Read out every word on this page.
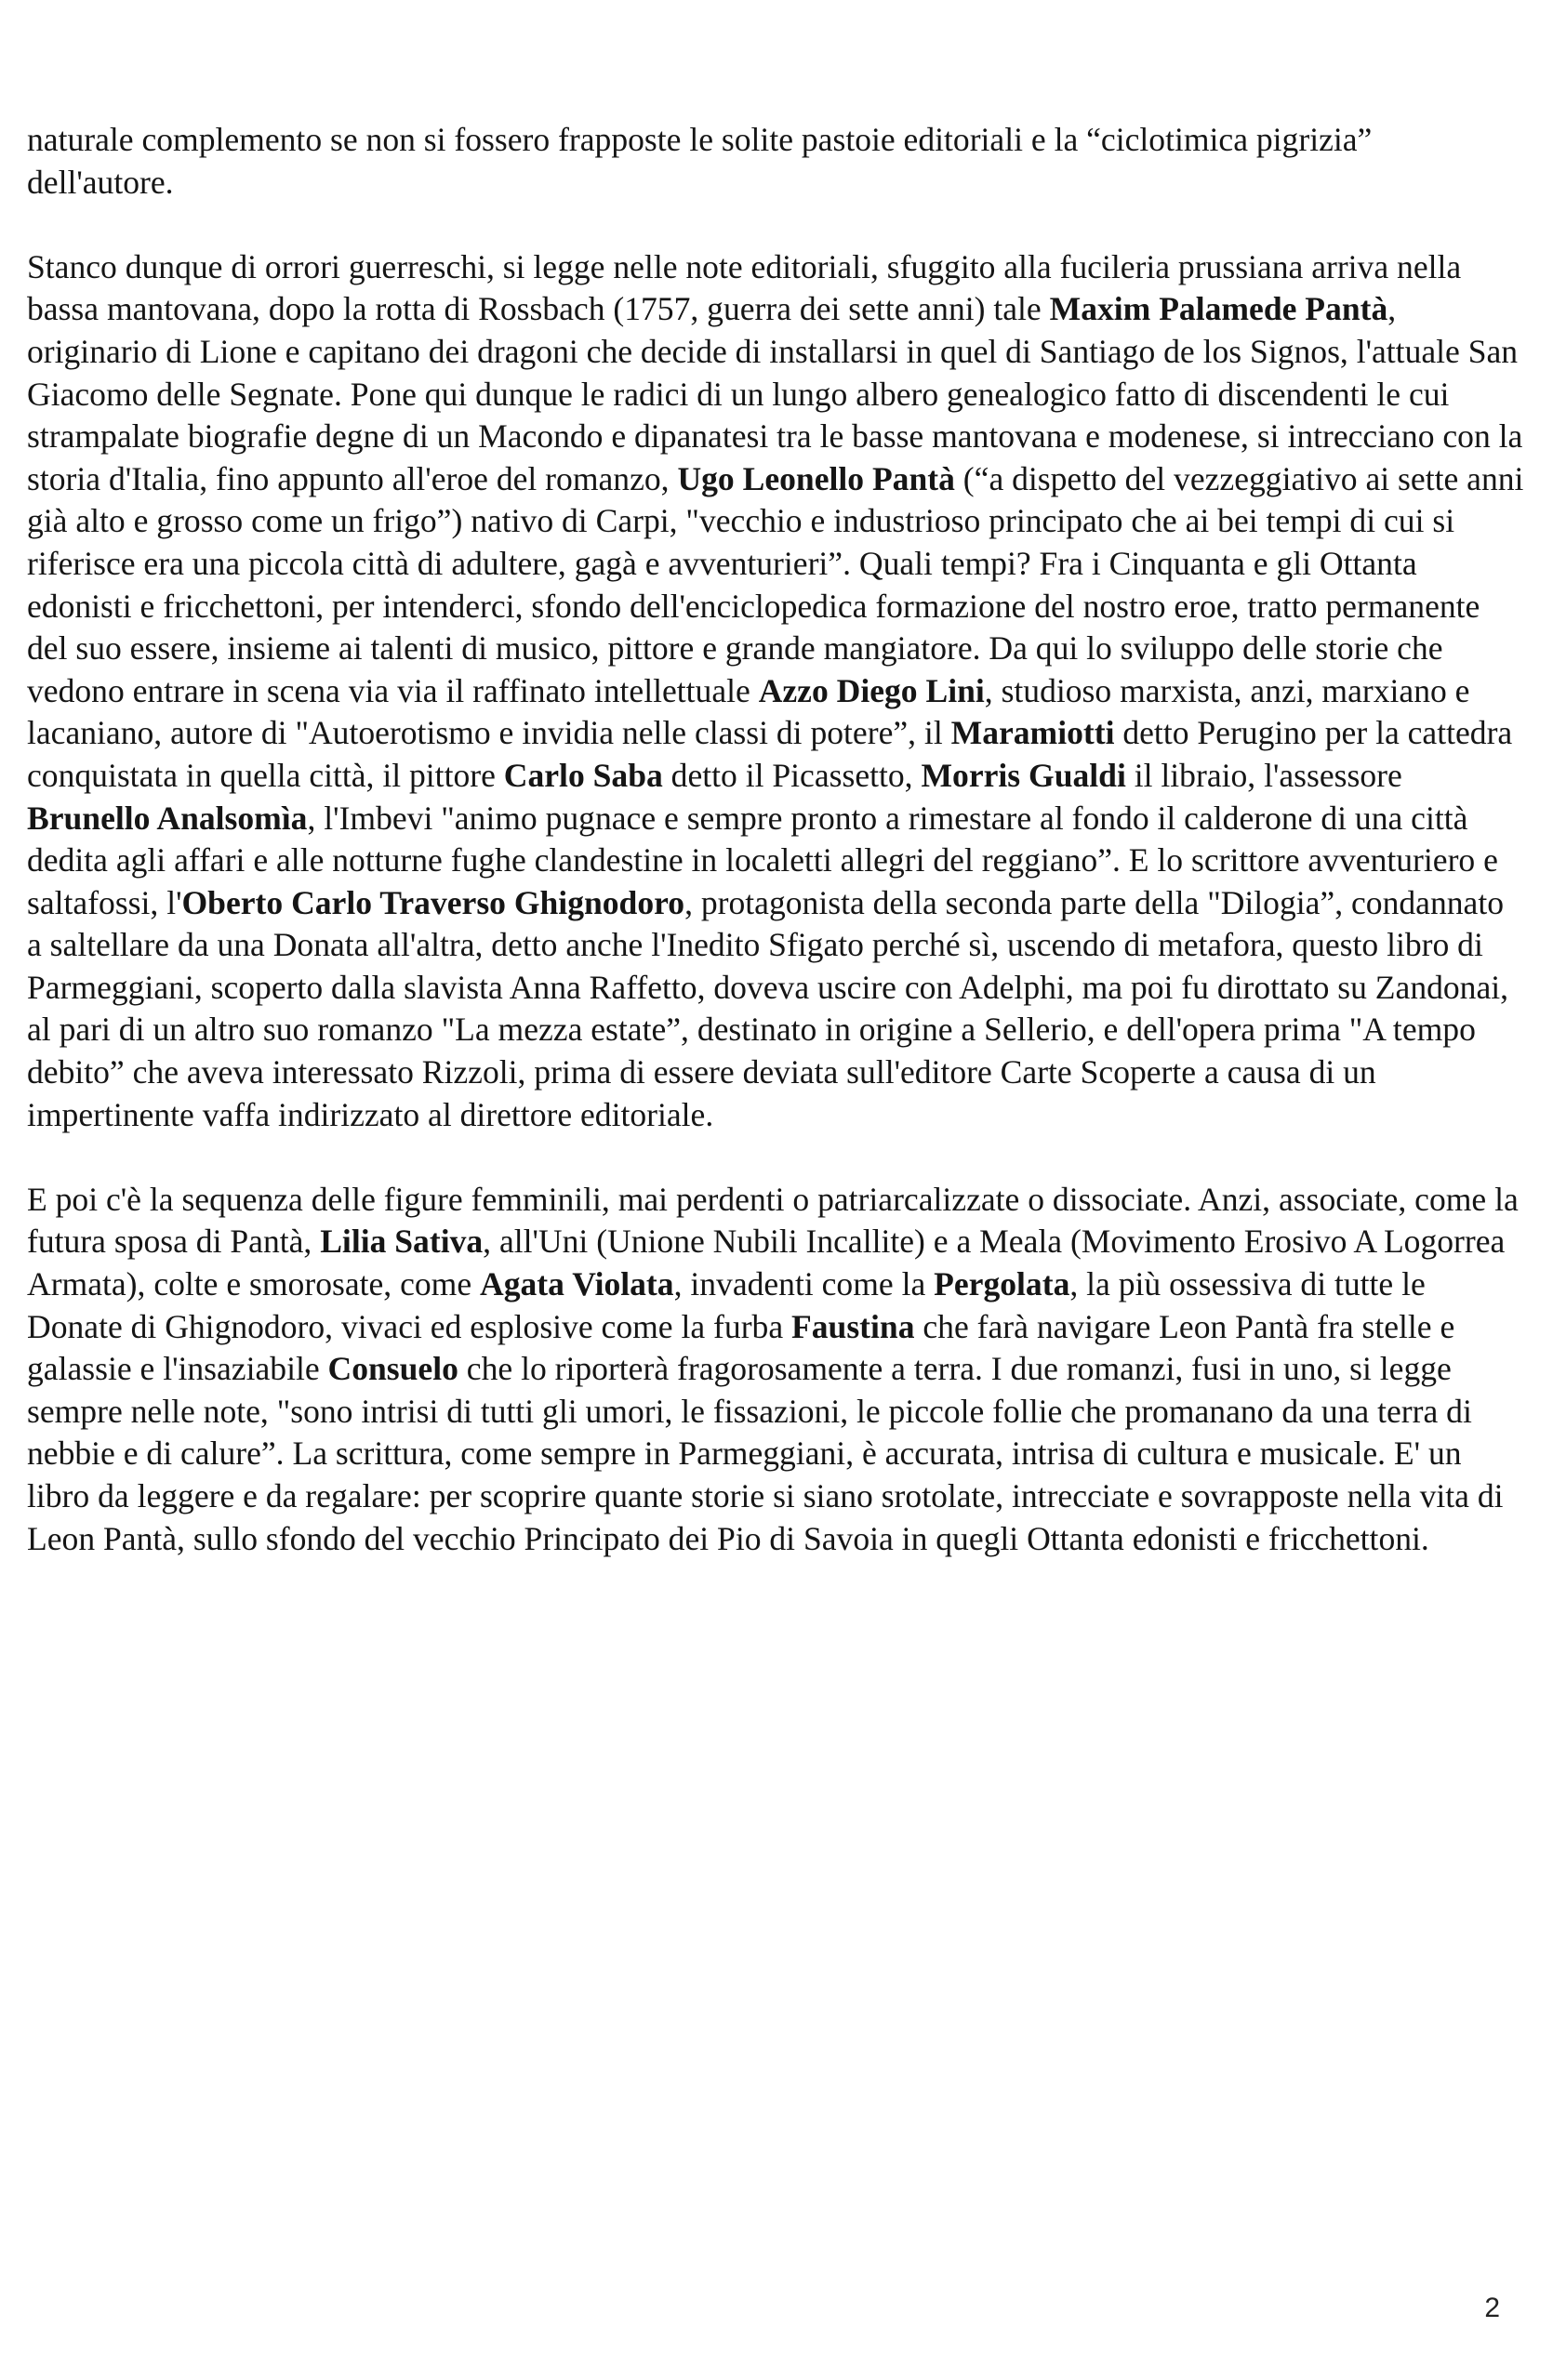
naturale complemento se non si fossero frapposte le solite pastoie editoriali e la “ciclotimica pigrizia” dell'autore.

Stanco dunque di orrori guerreschi, si legge nelle note editoriali, sfuggito alla fucileria prussiana arriva nella bassa mantovana, dopo la rotta di Rossbach (1757, guerra dei sette anni) tale Maxim Palamede Pantà, originario di Lione e capitano dei dragoni che decide di installarsi in quel di Santiago de los Signos, l'attuale San Giacomo delle Segnate. Pone qui dunque le radici di un lungo albero genealogico fatto di discendenti le cui strampalate biografie degne di un Macondo e dipanatesi tra le basse mantovana e modenese, si intrecciano con la storia d'Italia, fino appunto all'eroe del romanzo, Ugo Leonello Pantà (“a dispetto del vezzeggiativo ai sette anni già alto e grosso come un frigo”) nativo di Carpi, "vecchio e industrioso principato che ai bei tempi di cui si riferisce era una piccola città di adultere, gagà e avventurieri”. Quali tempi? Fra i Cinquanta e gli Ottanta edonisti e fricchettoni, per intenderci, sfondo dell'enciclopedica formazione del nostro eroe, tratto permanente del suo essere, insieme ai talenti di musico, pittore e grande mangiatore. Da qui lo sviluppo delle storie che vedono entrare in scena via via il raffinato intellettuale Azzo Diego Lini, studioso marxista, anzi, marxiano e lacaniano, autore di "Autoerotismo e invidia nelle classi di potere”, il Maramiotti detto Perugino per la cattedra conquistata in quella città, il pittore Carlo Saba detto il Picassetto, Morris Gualdi il libraio, l'assessore Brunello Analsomìa, l'Imbevi "animo pugnace e sempre pronto a rimestare al fondo il calderone di una città dedita agli affari e alle notturne fughe clandestine in localetti allegri del reggiano”. E lo scrittore avventuriero e saltafossi, l'Oberto Carlo Traverso Ghignodoro, protagonista della seconda parte della "Dilogia”, condannato a saltellare da una Donata all'altra, detto anche l'Inedito Sfigato perché sì, uscendo di metafora, questo libro di Parmeggiani, scoperto dalla slavista Anna Raffetto, doveva uscire con Adelphi, ma poi fu dirottato su Zandonai, al pari di un altro suo romanzo "La mezza estate”, destinato in origine a Sellerio, e dell'opera prima "A tempo debito” che aveva interessato Rizzoli, prima di essere deviata sull'editore Carte Scoperte a causa di un impertinente vaffa indirizzato al direttore editoriale.

E poi c'è la sequenza delle figure femminili, mai perdenti o patriarcalizzate o dissociate. Anzi, associate, come la futura sposa di Pantà, Lilia Sativa, all'Uni (Unione Nubili Incallite) e a Meala (Movimento Erosivo A Logorrea Armata), colte e smorosate, come Agata Violata, invadenti come la Pergolata, la più ossessiva di tutte le Donate di Ghignodoro, vivaci ed esplosive come la furba Faustina che farà navigare Leon Pantà fra stelle e galassie e l'insaziabile Consuelo che lo riporterà fragorosamente a terra. I due romanzi, fusi in uno, si legge sempre nelle note, "sono intrisi di tutti gli umori, le fissazioni, le piccole follie che promanano da una terra di nebbie e di calure”. La scrittura, come sempre in Parmeggiani, è accurata, intrisa di cultura e musicale. E' un libro da leggere e da regalare: per scoprire quante storie si siano srotolate, intrecciate e sovrapposte nella vita di Leon Pantà, sullo sfondo del vecchio Principato dei Pio di Savoia in quegli Ottanta edonisti e fricchettoni.

2
